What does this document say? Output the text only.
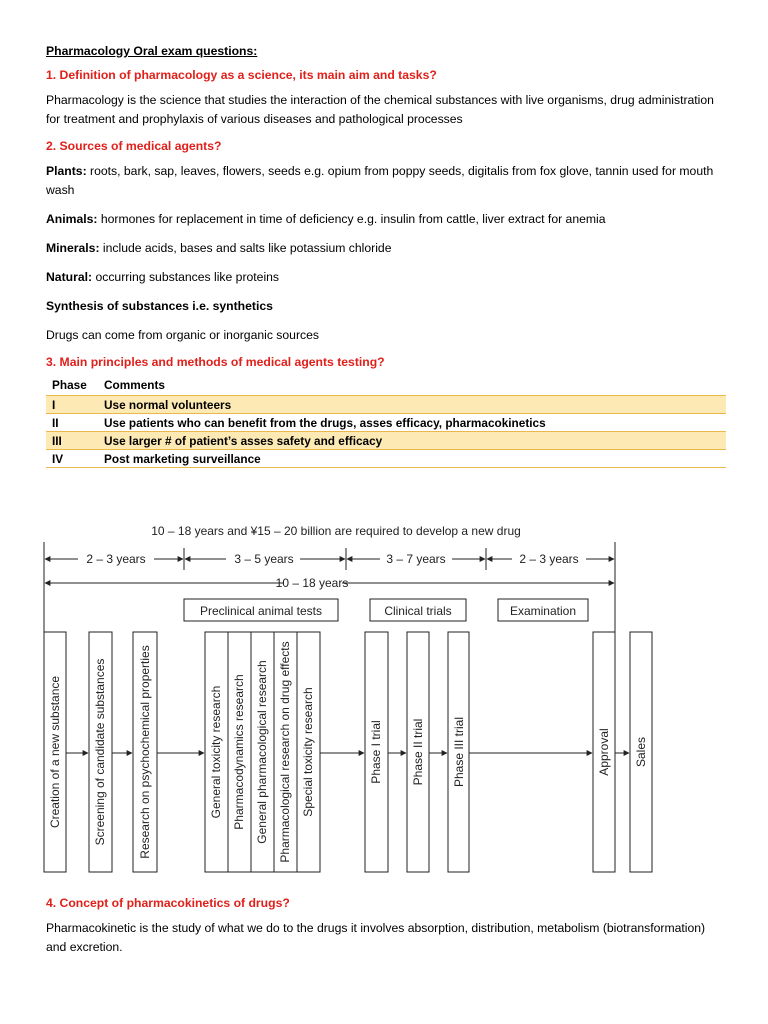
Pharmacology Oral exam questions:
1. Definition of pharmacology as a science, its main aim and tasks?

Pharmacology is the science that studies the interaction of the chemical substances with live organisms, drug administration for treatment and prophylaxis of various diseases and pathological processes

2. Sources of medical agents?

Plants: roots, bark, sap, leaves, flowers, seeds e.g. opium from poppy seeds, digitalis from fox glove, tannin used for mouth wash

Animals: hormones for replacement in time of deficiency e.g. insulin from cattle, liver extract for anemia

Minerals: include acids, bases and salts like potassium chloride

Natural: occurring substances like proteins

Synthesis of substances i.e. synthetics

Drugs can come from organic or inorganic sources

3. Main principles and methods of medical agents testing?
Phase	Comments
I	Use normal volunteers
II	Use patients who can benefit from the drugs, asses efficacy, pharmacokinetics
III	Use larger # of patient’s asses safety and efficacy
IV	Post marketing surveillance
10 – 18 years and ¥15 – 20 billion are required to develop a new drug
2 – 3 years	3 – 5 years	3 – 7 years	2 – 3 years
10 – 18 years
Preclinical animal tests	Clinical trials	Examination
Creation of a new substance	Screening of candidate substances	Research on psychochemical properties	General toxicity research Pharmacodynamics research General pharmacological research Pharmacological research on drug effects Special toxicity research	Phase I trial Phase II trial Phase III trial	Approval Sales
4. Concept of pharmacokinetics of drugs?

Pharmacokinetic is the study of what we do to the drugs it involves absorption, distribution, metabolism (biotransformation) and excretion.
